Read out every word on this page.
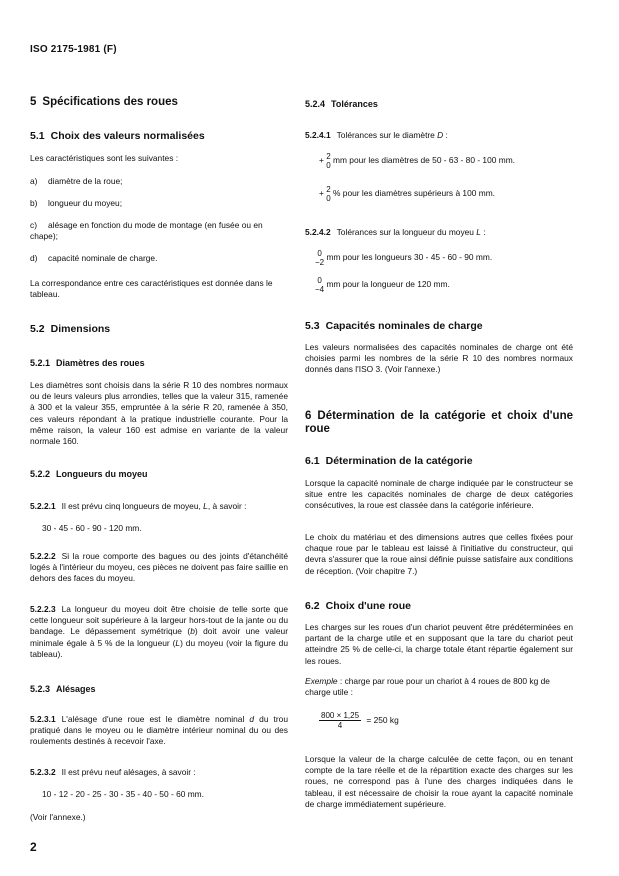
ISO 2175-1981 (F)
5 Spécifications des roues
5.1 Choix des valeurs normalisées
Les caractéristiques sont les suivantes :
a) diamètre de la roue;
b) longueur du moyeu;
c) alésage en fonction du mode de montage (en fusée ou en chape);
d) capacité nominale de charge.
La correspondance entre ces caractéristiques est donnée dans le tableau.
5.2 Dimensions
5.2.1 Diamètres des roues
Les diamètres sont choisis dans la série R 10 des nombres normaux ou de leurs valeurs plus arrondies, telles que la valeur 315, ramenée à 300 et la valeur 355, empruntée à la série R 20, ramenée à 350, ces valeurs répondant à la pratique industrielle courante. Pour la même raison, la valeur 160 est admise en variante de la valeur normale 160.
5.2.2 Longueurs du moyeu
5.2.2.1 Il est prévu cinq longueurs de moyeu, L, à savoir :
30 - 45 - 60 - 90 - 120 mm.
5.2.2.2 Si la roue comporte des bagues ou des joints d'étanchéité logés à l'intérieur du moyeu, ces pièces ne doivent pas faire saillie en dehors des faces du moyeu.
5.2.2.3 La longueur du moyeu doit être choisie de telle sorte que cette longueur soit supérieure à la largeur hors-tout de la jante ou du bandage. Le dépassement symétrique (b) doit avoir une valeur minimale égale à 5 % de la longueur (L) du moyeu (voir la figure du tableau).
5.2.3 Alésages
5.2.3.1 L'alésage d'une roue est le diamètre nominal d du trou pratiqué dans le moyeu ou le diamètre intérieur nominal du ou des roulements destinés à recevoir l'axe.
5.2.3.2 Il est prévu neuf alésages, à savoir :
10 - 12 - 20 - 25 - 30 - 35 - 40 - 50 - 60 mm.
(Voir l'annexe.)
5.2.4 Tolérances
5.2.4.1 Tolérances sur le diamètre D :
+ 2
0
mm pour les diamètres de 50 - 63 - 80 - 100 mm.
+ 2
0
% pour les diamètres supérieurs à 100 mm.
5.2.4.2 Tolérances sur la longueur du moyeu L :
0
−2
mm pour les longueurs 30 - 45 - 60 - 90 mm.
0
−4
mm pour la longueur de 120 mm.
5.3 Capacités nominales de charge
Les valeurs normalisées des capacités nominales de charge ont été choisies parmi les nombres de la série R 10 des nombres normaux donnés dans l'ISO 3. (Voir l'annexe.)
6 Détermination de la catégorie et choix d'une roue
6.1 Détermination de la catégorie
Lorsque la capacité nominale de charge indiquée par le constructeur se situe entre les capacités nominales de charge de deux catégories consécutives, la roue est classée dans la catégorie inférieure.
Le choix du matériau et des dimensions autres que celles fixées pour chaque roue par le tableau est laissé à l'initiative du constructeur, qui devra s'assurer que la roue ainsi définie puisse satisfaire aux conditions de réception. (Voir chapitre 7.)
6.2 Choix d'une roue
Les charges sur les roues d'un chariot peuvent être prédéterminées en partant de la charge utile et en supposant que la tare du chariot peut atteindre 25 % de celle-ci, la charge totale étant répartie également sur les roues.
Exemple : charge par roue pour un chariot à 4 roues de 800 kg de charge utile :
$\frac{800 \times 1,25}{4} = 250$ kg
Lorsque la valeur de la charge calculée de cette façon, ou en tenant compte de la tare réelle et de la répartition exacte des charges sur les roues, ne correspond pas à l'une des charges indiquées dans le tableau, il est nécessaire de choisir la roue ayant la capacité nominale de charge immédiatement supérieure.
2
